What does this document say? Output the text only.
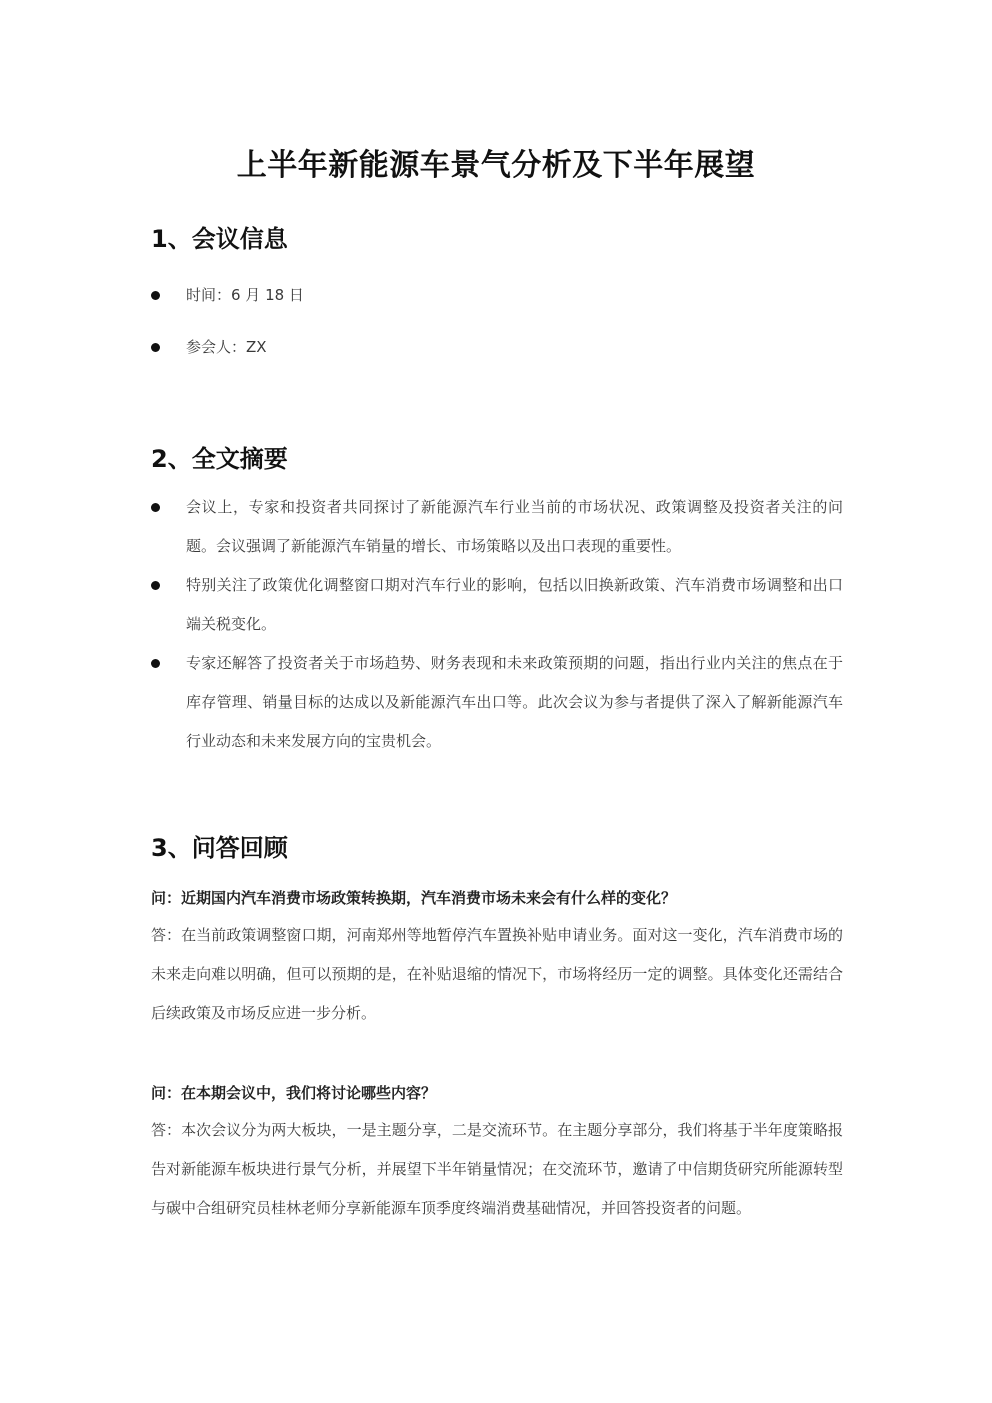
上半年新能源车景气分析及下半年展望
1、会议信息
时间：6 月 18 日
参会人：ZX
2、全文摘要
会议上，专家和投资者共同探讨了新能源汽车行业当前的市场状况、政策调整及投资者关注的问题。会议强调了新能源汽车销量的增长、市场策略以及出口表现的重要性。
特别关注了政策优化调整窗口期对汽车行业的影响，包括以旧换新政策、汽车消费市场调整和出口端关税变化。
专家还解答了投资者关于市场趋势、财务表现和未来政策预期的问题，指出行业内关注的焦点在于库存管理、销量目标的达成以及新能源汽车出口等。此次会议为参与者提供了深入了解新能源汽车行业动态和未来发展方向的宝贵机会。
3、问答回顾
问：近期国内汽车消费市场政策转换期，汽车消费市场未来会有什么样的变化？
答：在当前政策调整窗口期，河南郑州等地暂停汽车置换补贴申请业务。面对这一变化，汽车消费市场的未来走向难以明确，但可以预期的是，在补贴退缩的情况下，市场将经历一定的调整。具体变化还需结合后续政策及市场反应进一步分析。
问：在本期会议中，我们将讨论哪些内容？
答：本次会议分为两大板块，一是主题分享，二是交流环节。在主题分享部分，我们将基于半年度策略报告对新能源车板块进行景气分析，并展望下半年销量情况；在交流环节，邀请了中信期货研究所能源转型与碳中合组研究员桂林老师分享新能源车顶季度终端消费基础情况，并回答投资者的问题。
